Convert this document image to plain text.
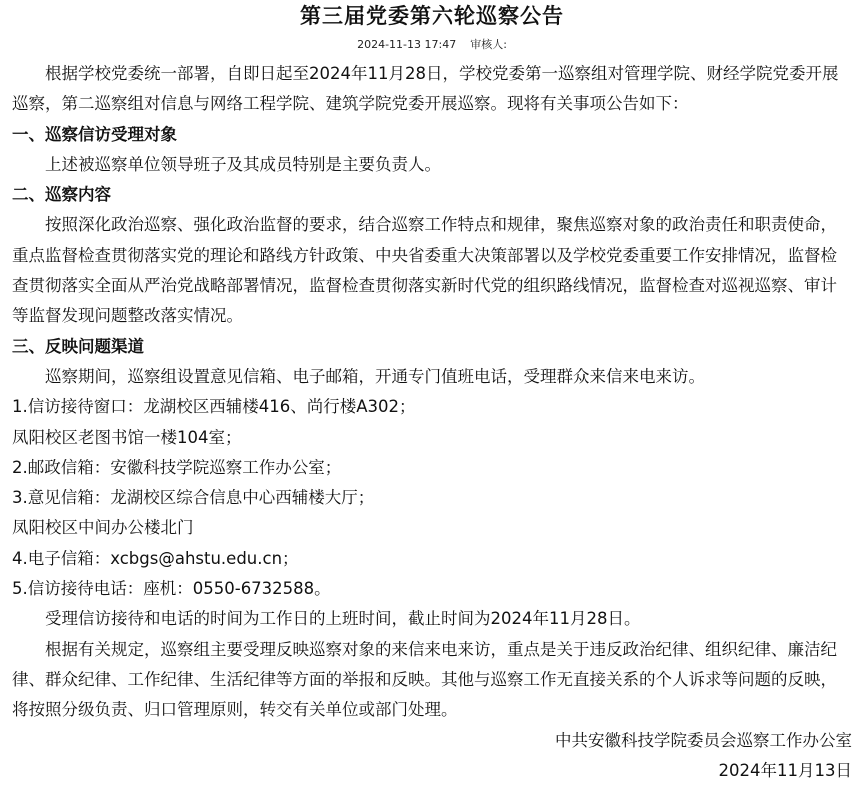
第三届党委第六轮巡察公告
2024-11-13 17:47 审核人:

根据学校党委统一部署，自即日起至2024年11月28日，学校党委第一巡察组对管理学院、财经学院党委开展巡察，第二巡察组对信息与网络工程学院、建筑学院党委开展巡察。现将有关事项公告如下：

一、巡察信访受理对象

上述被巡察单位领导班子及其成员特别是主要负责人。

二、巡察内容

按照深化政治巡察、强化政治监督的要求，结合巡察工作特点和规律，聚焦巡察对象的政治责任和职责使命，重点监督检查贯彻落实党的理论和路线方针政策、中央省委重大决策部署以及学校党委重要工作安排情况，监督检查贯彻落实全面从严治党战略部署情况，监督检查贯彻落实新时代党的组织路线情况，监督检查对巡视巡察、审计等监督发现问题整改落实情况。

三、反映问题渠道

巡察期间，巡察组设置意见信箱、电子邮箱，开通专门值班电话，受理群众来信来电来访。

1.信访接待窗口：龙湖校区西辅楼416、尚行楼A302；

凤阳校区老图书馆一楼104室；

2.邮政信箱：安徽科技学院巡察工作办公室；

3.意见信箱：龙湖校区综合信息中心西辅楼大厅；

凤阳校区中间办公楼北门

4.电子信箱：xcbgs@ahstu.edu.cn；

5.信访接待电话：座机：0550-6732588。

受理信访接待和电话的时间为工作日的上班时间，截止时间为2024年11月28日。

根据有关规定，巡察组主要受理反映巡察对象的来信来电来访，重点是关于违反政治纪律、组织纪律、廉洁纪律、群众纪律、工作纪律、生活纪律等方面的举报和反映。其他与巡察工作无直接关系的个人诉求等问题的反映，将按照分级负责、归口管理原则，转交有关单位或部门处理。

中共安徽科技学院委员会巡察工作办公室

2024年11月13日
